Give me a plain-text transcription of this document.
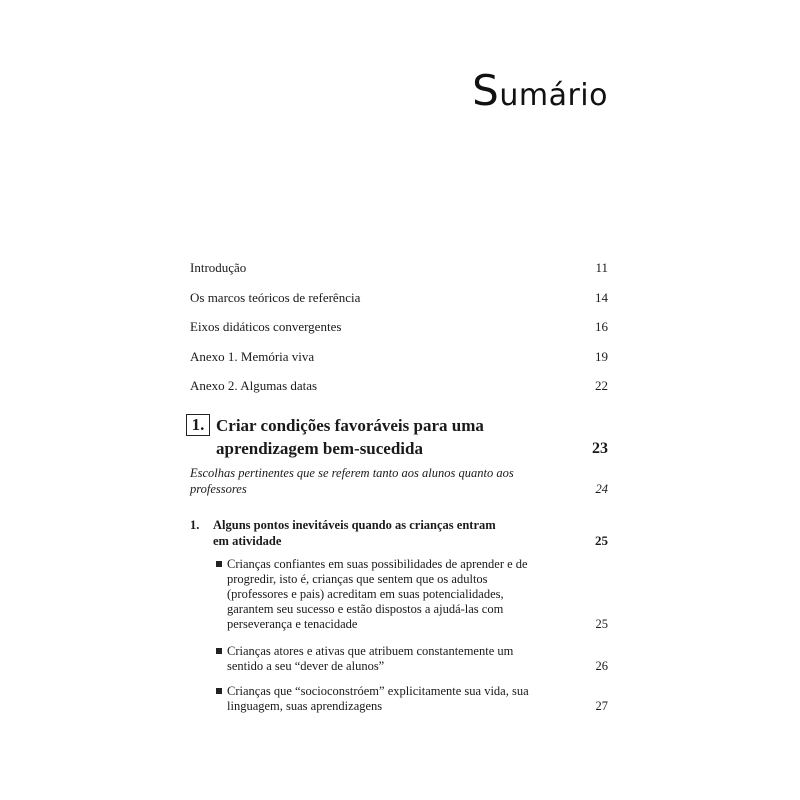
Sumário
Introdução	11
Os marcos teóricos de referência	14
Eixos didáticos convergentes	16
Anexo 1. Memória viva	19
Anexo 2. Algumas datas	22
1. Criar condições favoráveis para uma aprendizagem bem-sucedida	23
Escolhas pertinentes que se referem tanto aos alunos quanto aos professores	24
1. Alguns pontos inevitáveis quando as crianças entram em atividade	25
Crianças confiantes em suas possibilidades de aprender e de progredir, isto é, crianças que sentem que os adultos (professores e pais) acreditam em suas potencialidades, garantem seu sucesso e estão dispostos a ajudá-las com perseverança e tenacidade	25
Crianças atores e ativas que atribuem constantemente um sentido a seu “dever de alunos”	26
Crianças que “socioconstróem” explicitamente sua vida, sua linguagem, suas aprendizagens	27
